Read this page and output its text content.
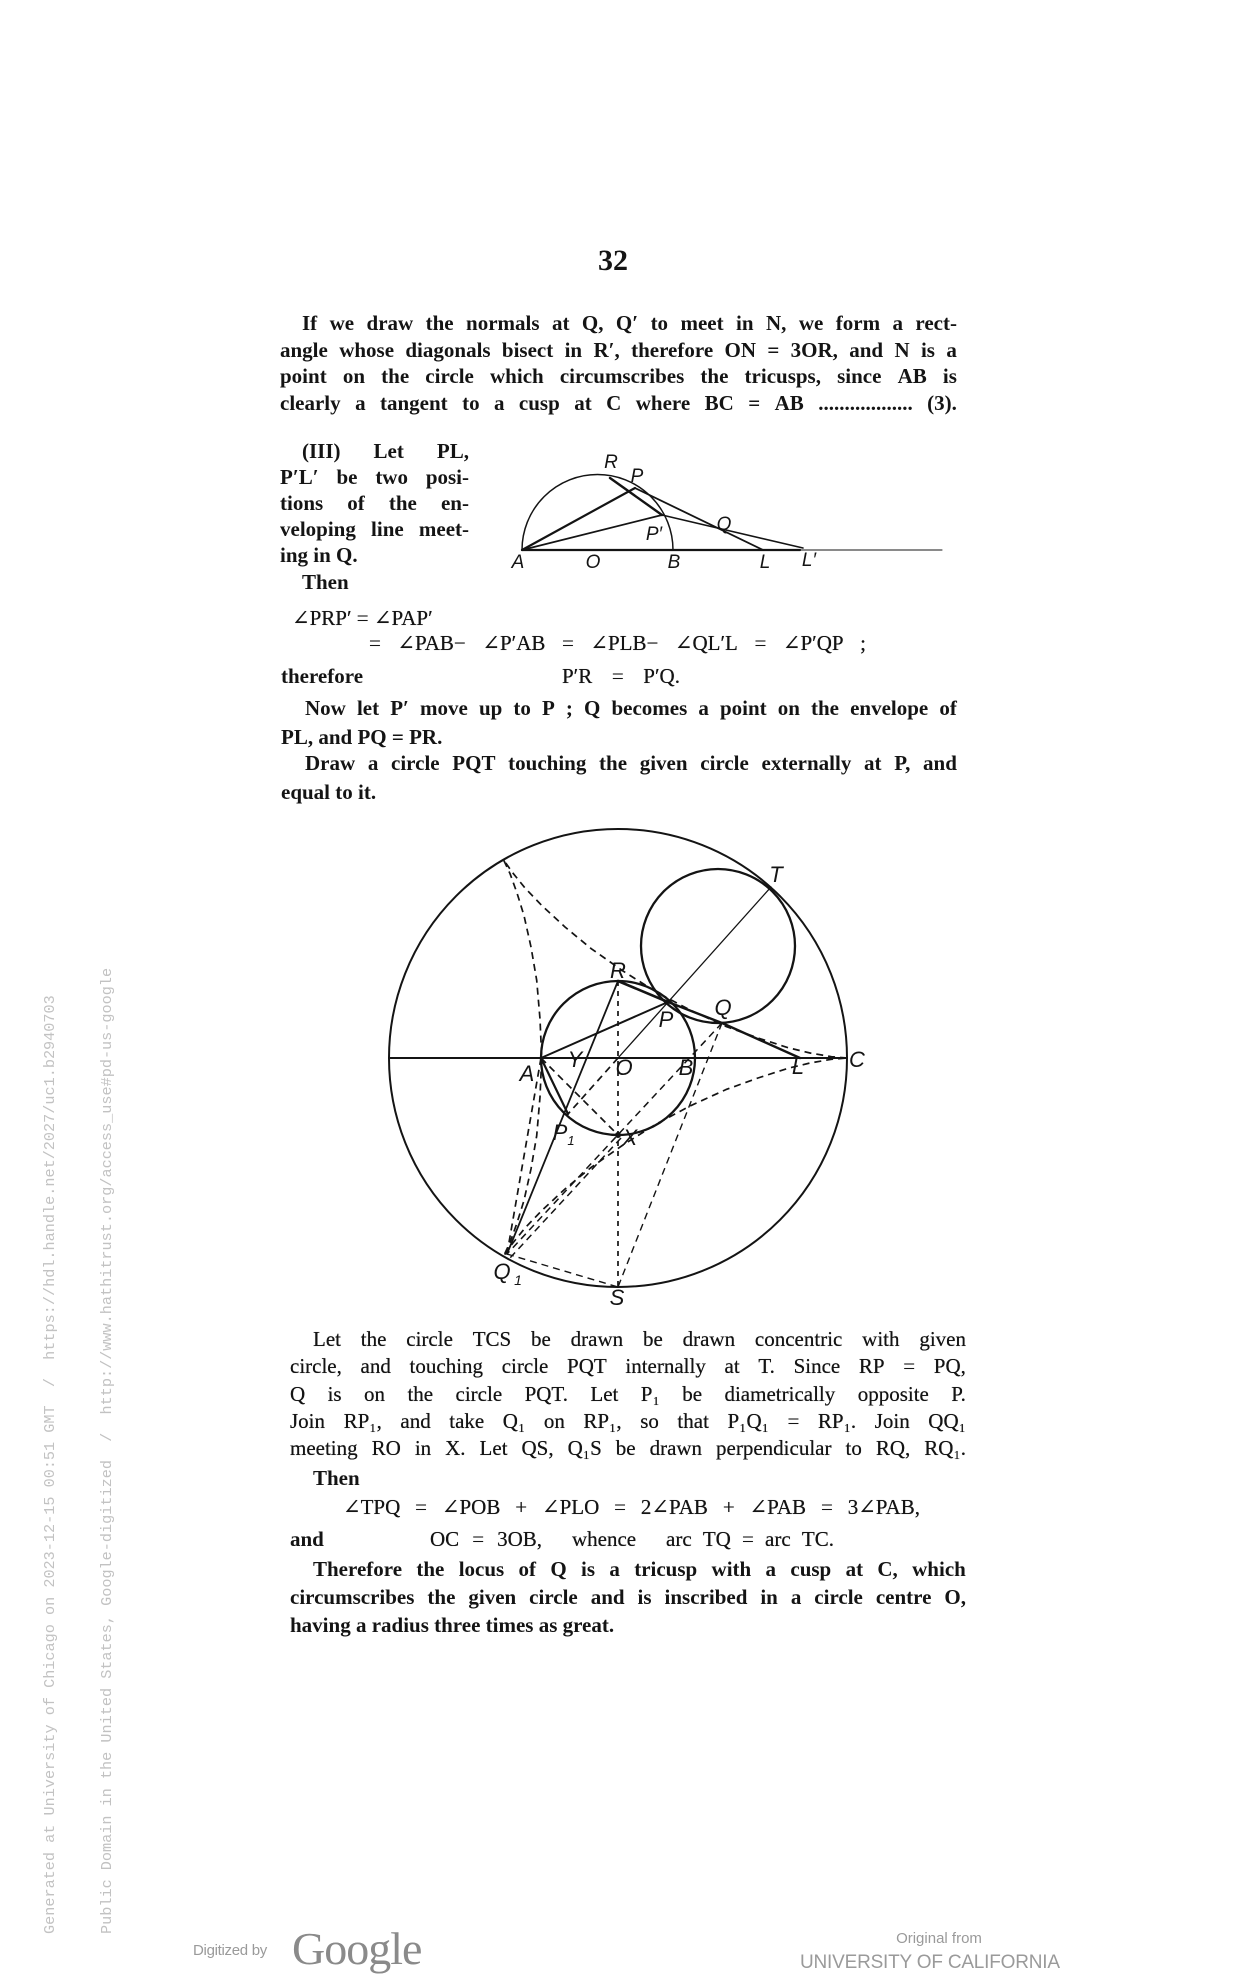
32
If we draw the normals at Q, Q′ to meet in N, we form a rect-
angle whose diagonals bisect in R′, therefore ON = 3OR, and N is a
point on the circle which circumscribes the tricusps, since AB is
clearly a tangent to a cusp at C where BC = AB .................. (3).
(III) Let PL,
P′L′ be two posi-
tions of the en-
veloping line meet-
ing in Q.
Then
R
P
P′	Q
A	O	B	L L′
∠PRP′ = ∠PAP′
= ∠PAB− ∠P′AB = ∠PLB− ∠QL′L = ∠P′QP ;
therefore	P′R = P′Q.
Now let P′ move up to P ; Q becomes a point on the envelope of
PL, and PQ = PR.
Draw a circle PQT touching the given circle externally at P, and
equal to it.
T
R
P Q
C
A
Y O B	L
P 1 X
Q 1
S
Let the circle TCS be drawn be drawn concentric with given
circle, and touching circle PQT internally at T. Since RP = PQ,
Q is on the circle PQT. Let P₁ be diametrically opposite P.
Join RP₁, and take Q₁ on RP₁, so that P₁Q₁ = RP₁. Join QQ₁
meeting RO in X. Let QS, Q₁S be drawn perpendicular to RQ, RQ₁.
Then
∠TPQ = ∠POB + ∠PLO = 2∠PAB + ∠PAB = 3∠PAB,
and	OC = 3OB, whence arc TQ = arc TC.
Therefore the locus of Q is a tricusp with a cusp at C, which
circumscribes the given circle and is inscribed in a circle centre O,
having a radius three times as great.

Generated at University of Chicago on 2023-12-15 00:51 GMT  /  https://hdl.handle.net/2027/uc1.b2940703

	Public Domain in the United States, Google-digitized  /  http://www.hathitrust.org/access_use#pd-us-google

Digitized by Google	Original from
UNIVERSITY OF CALIFORNIA
